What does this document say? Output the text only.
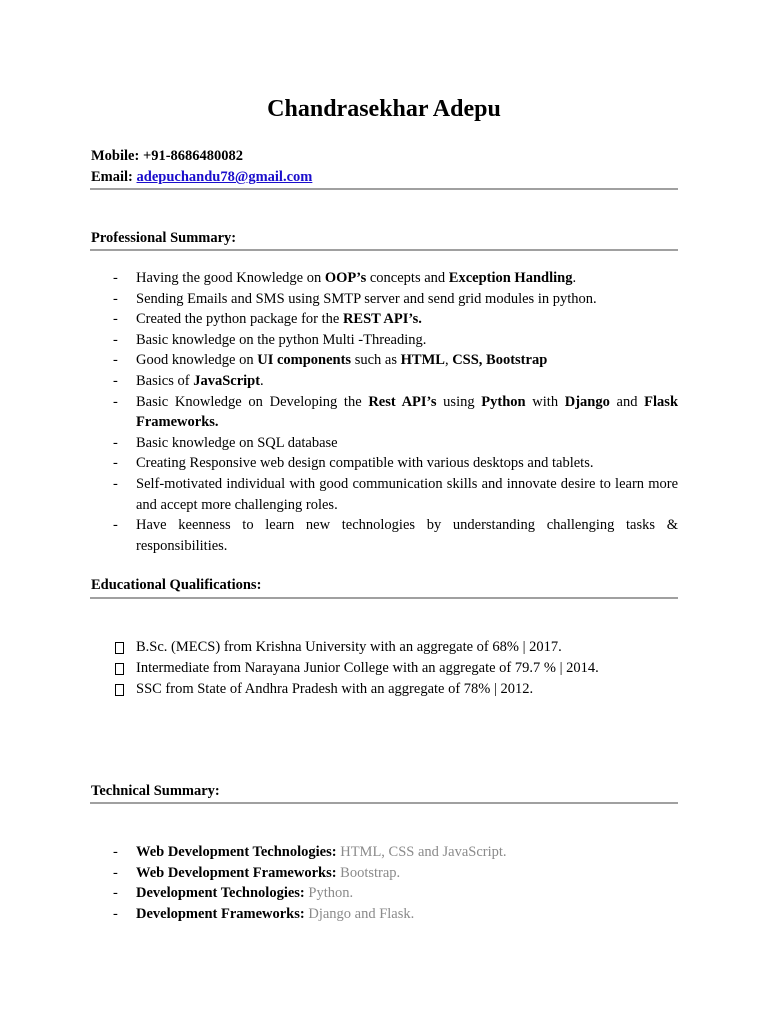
Chandrasekhar Adepu
Mobile: +91-8686480082
Email: adepuchandu78@gmail.com
Professional Summary:
- Having the good Knowledge on OOP’s concepts and Exception Handling.
- Sending Emails and SMS using SMTP server and send grid modules in python.
- Created the python package for the REST API’s.
- Basic knowledge on the python Multi -Threading.
- Good knowledge on UI components such as HTML, CSS, Bootstrap
- Basics of JavaScript.
- Basic Knowledge on Developing the Rest API’s using Python with Django and Flask Frameworks.
- Basic knowledge on SQL database
- Creating Responsive web design compatible with various desktops and tablets.
- Self-motivated individual with good communication skills and innovate desire to learn more and accept more challenging roles.
- Have keenness to learn new technologies by understanding challenging tasks & responsibilities.
Educational Qualifications:
B.Sc. (MECS) from Krishna University with an aggregate of 68% | 2017.
Intermediate from Narayana Junior College with an aggregate of 79.7 % | 2014.
SSC from State of Andhra Pradesh with an aggregate of 78% | 2012.
Technical Summary:
- Web Development Technologies: HTML, CSS and JavaScript.
- Web Development Frameworks: Bootstrap.
- Development Technologies: Python.
- Development Frameworks: Django and Flask.
